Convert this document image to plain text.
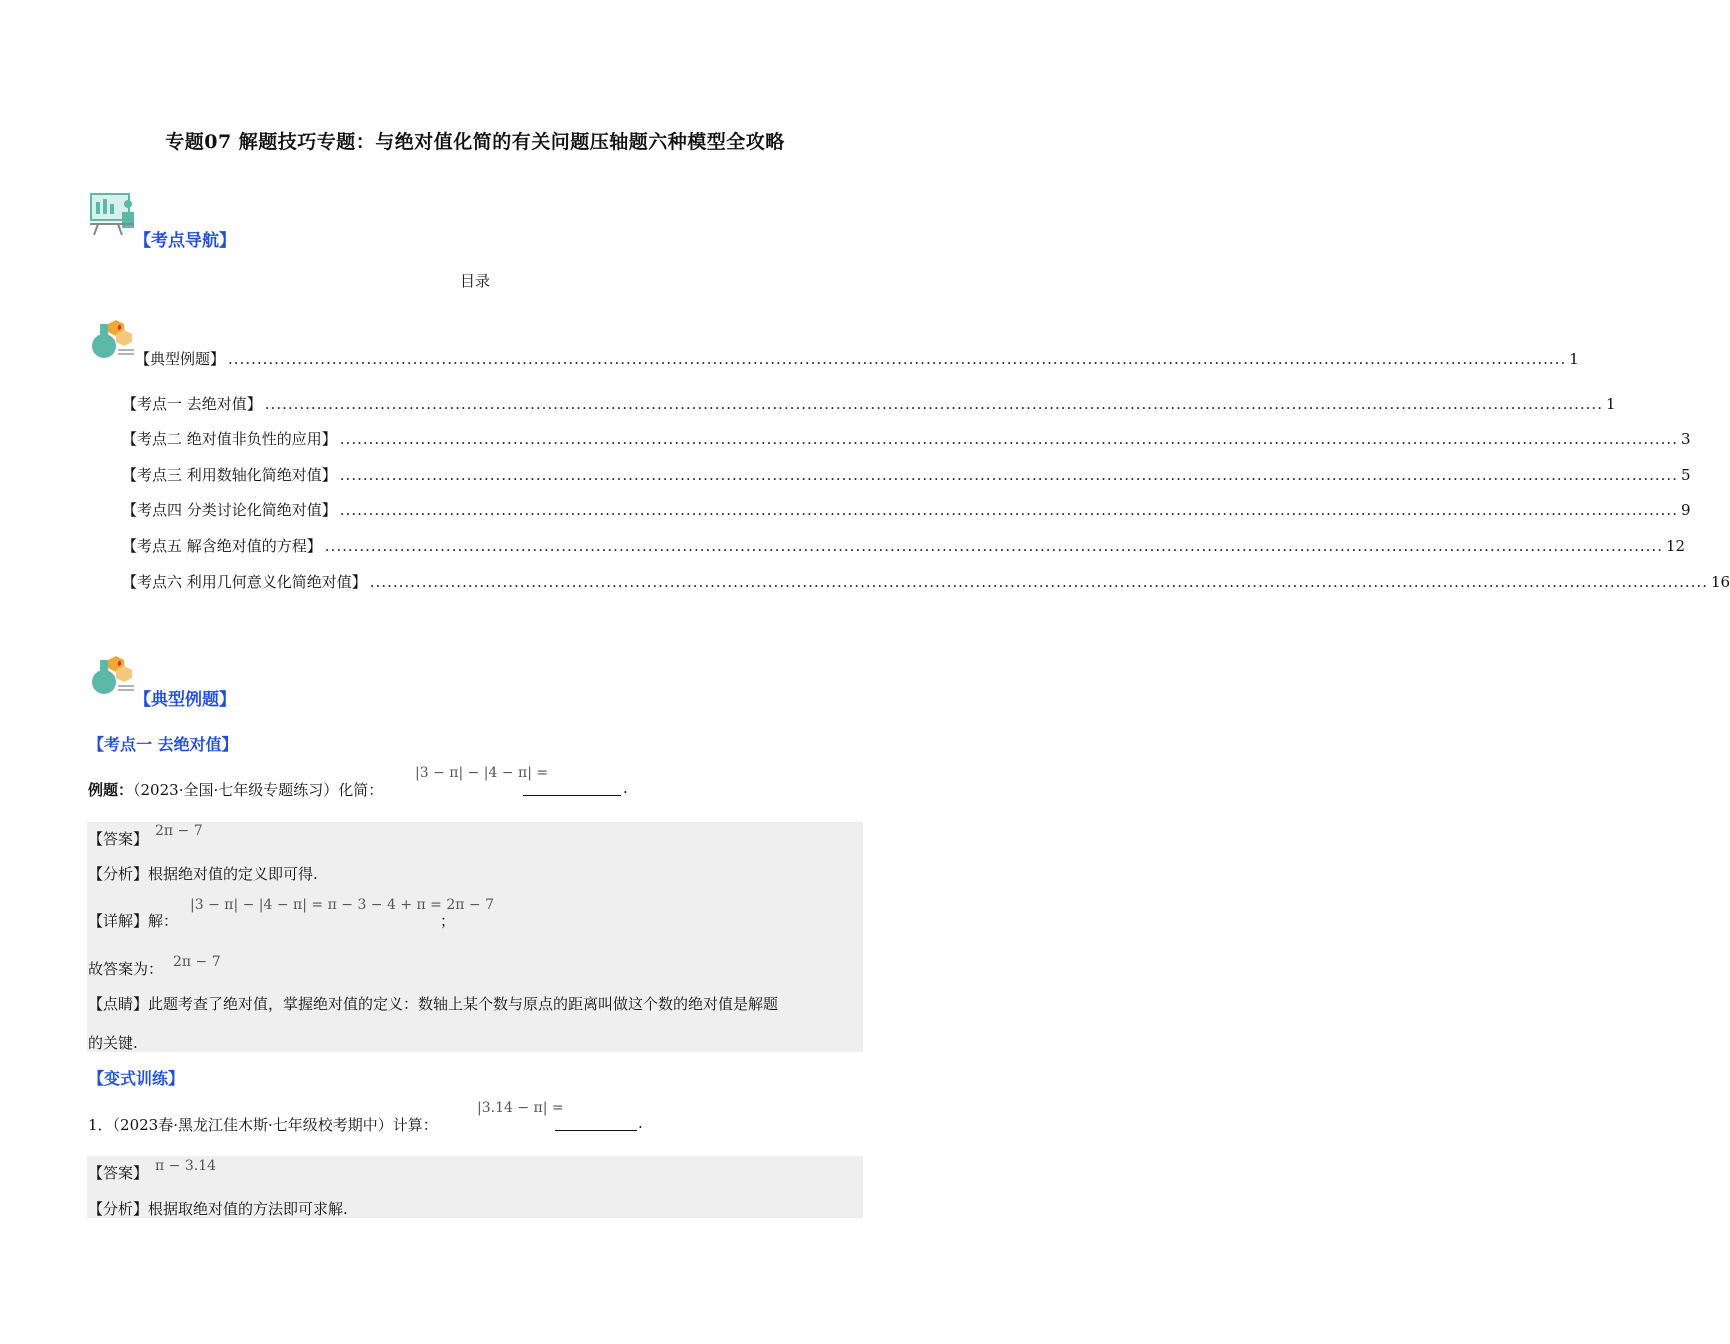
专题07 解题技巧专题：与绝对值化简的有关问题压轴题六种模型全攻略
【考点导航】
目录
【典型例题】 ........................................................................................................................................................................................................................................ 1
【考点一 去绝对值】 ........................................................................................................................................................................................................................................ 1
【考点二 绝对值非负性的应用】 ........................................................................................................................................................................................................................................ 3
【考点三 利用数轴化简绝对值】 ........................................................................................................................................................................................................................................ 5
【考点四 分类讨论化简绝对值】 ........................................................................................................................................................................................................................................ 9
【考点五 解含绝对值的方程】 ........................................................................................................................................................................................................................................ 12
【考点六 利用几何意义化简绝对值】 ........................................................................................................................................................................................................................................ 16
【典型例题】
【考点一 去绝对值】
例题：（2023·全国·七年级专题练习）化简：
|3 − π| − |4 − π| =
.
【答案】 2π − 7
【分析】根据绝对值的定义即可得.
【详解】解：
|3 − π| − |4 − π| = π − 3 − 4 + π = 2π − 7
；
故答案为： 2π − 7
【点睛】此题考查了绝对值，掌握绝对值的定义：数轴上某个数与原点的距离叫做这个数的绝对值是解题
的关键.
【变式训练】
1．（2023春·黑龙江佳木斯·七年级校考期中）计算：
|3.14 − π| =
.
【答案】 π − 3.14
【分析】根据取绝对值的方法即可求解.
